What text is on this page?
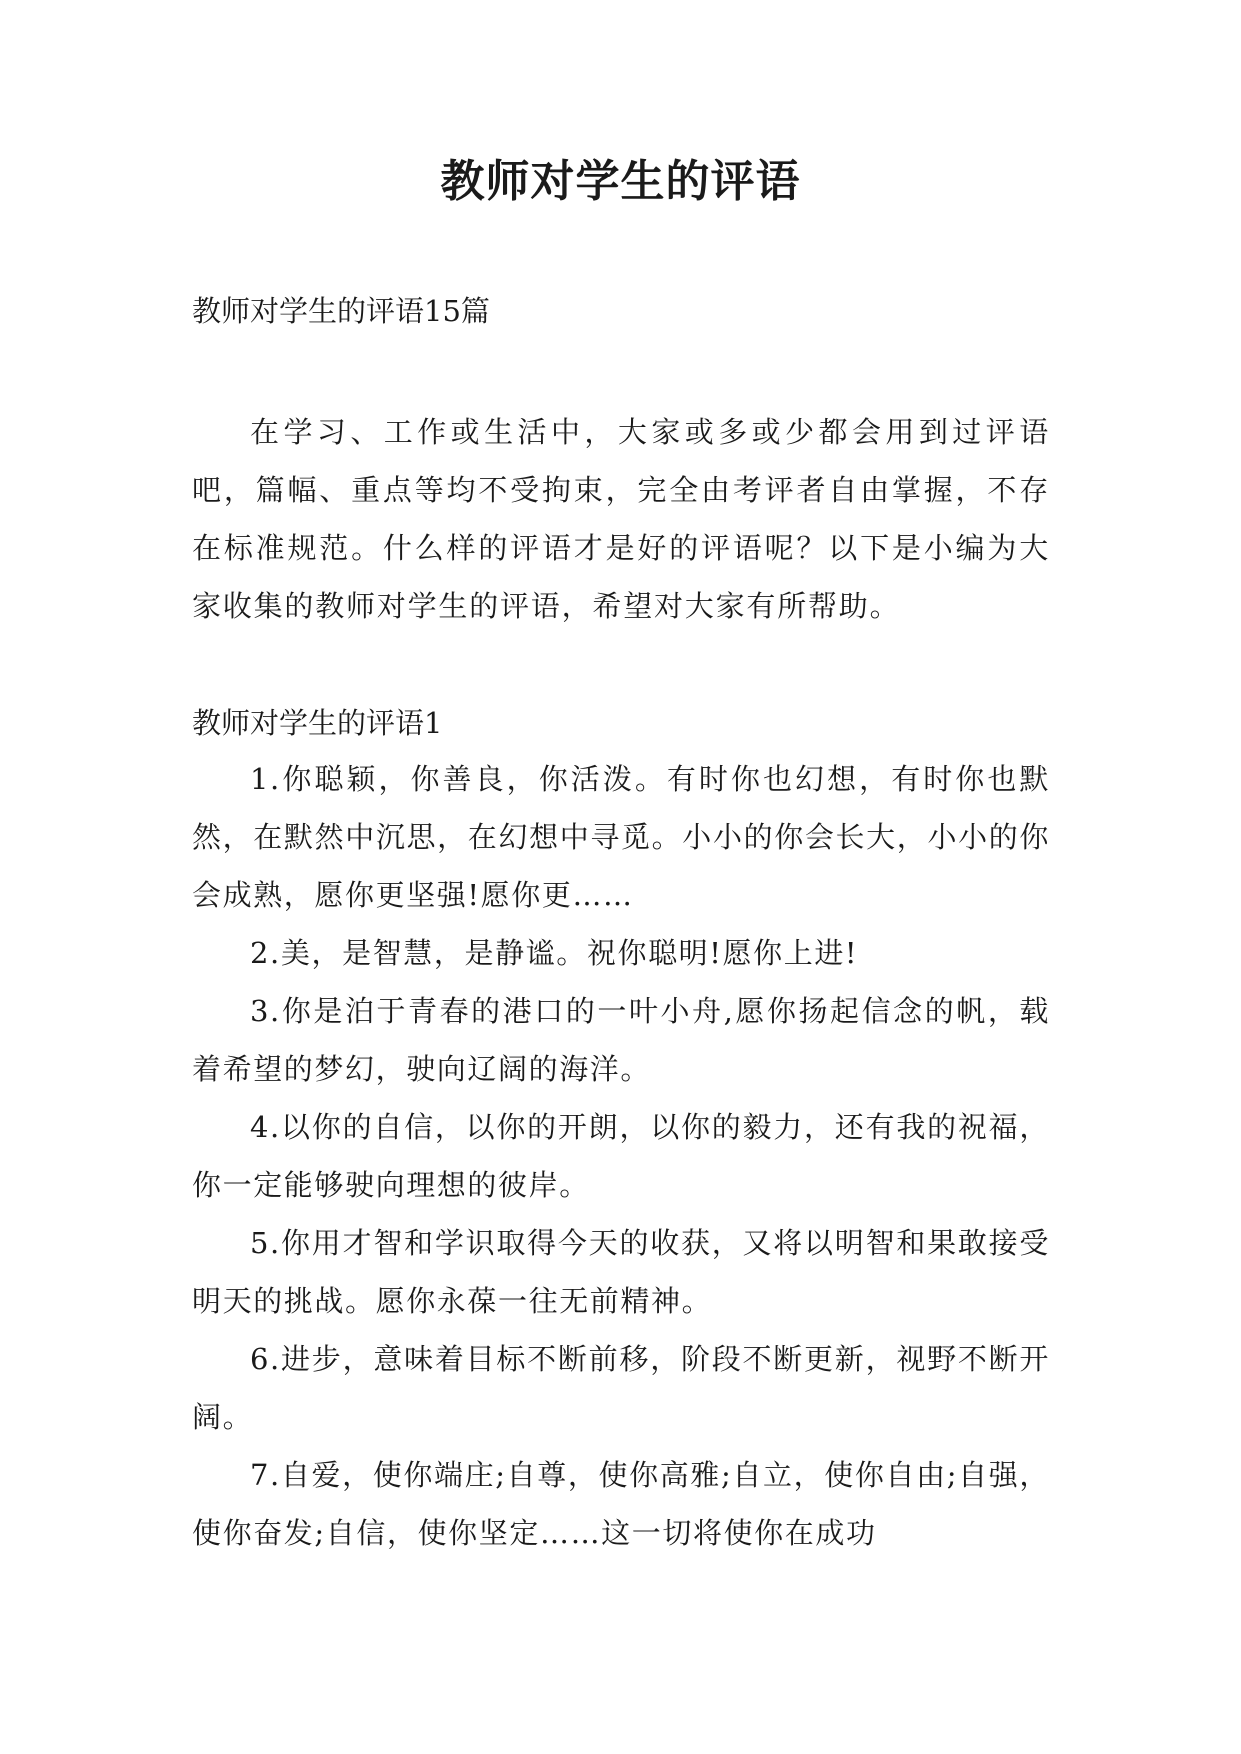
教师对学生的评语

教师对学生的评语15篇

在学习、工作或生活中，大家或多或少都会用到过评语吧，篇幅、重点等均不受拘束，完全由考评者自由掌握，不存在标准规范。什么样的评语才是好的评语呢？以下是小编为大家收集的教师对学生的评语，希望对大家有所帮助。

教师对学生的评语1

1.你聪颖，你善良，你活泼。有时你也幻想，有时你也默然，在默然中沉思，在幻想中寻觅。小小的你会长大，小小的你会成熟，愿你更坚强!愿你更……
2.美，是智慧，是静谧。祝你聪明!愿你上进!
3.你是泊于青春的港口的一叶小舟,愿你扬起信念的帆，载着希望的梦幻，驶向辽阔的海洋。
4.以你的自信，以你的开朗，以你的毅力，还有我的祝福，你一定能够驶向理想的彼岸。
5.你用才智和学识取得今天的收获，又将以明智和果敢接受明天的挑战。愿你永葆一往无前精神。
6.进步，意味着目标不断前移，阶段不断更新，视野不断开阔。
7.自爱，使你端庄;自尊，使你高雅;自立，使你自由;自强，使你奋发;自信，使你坚定……这一切将使你在成功
